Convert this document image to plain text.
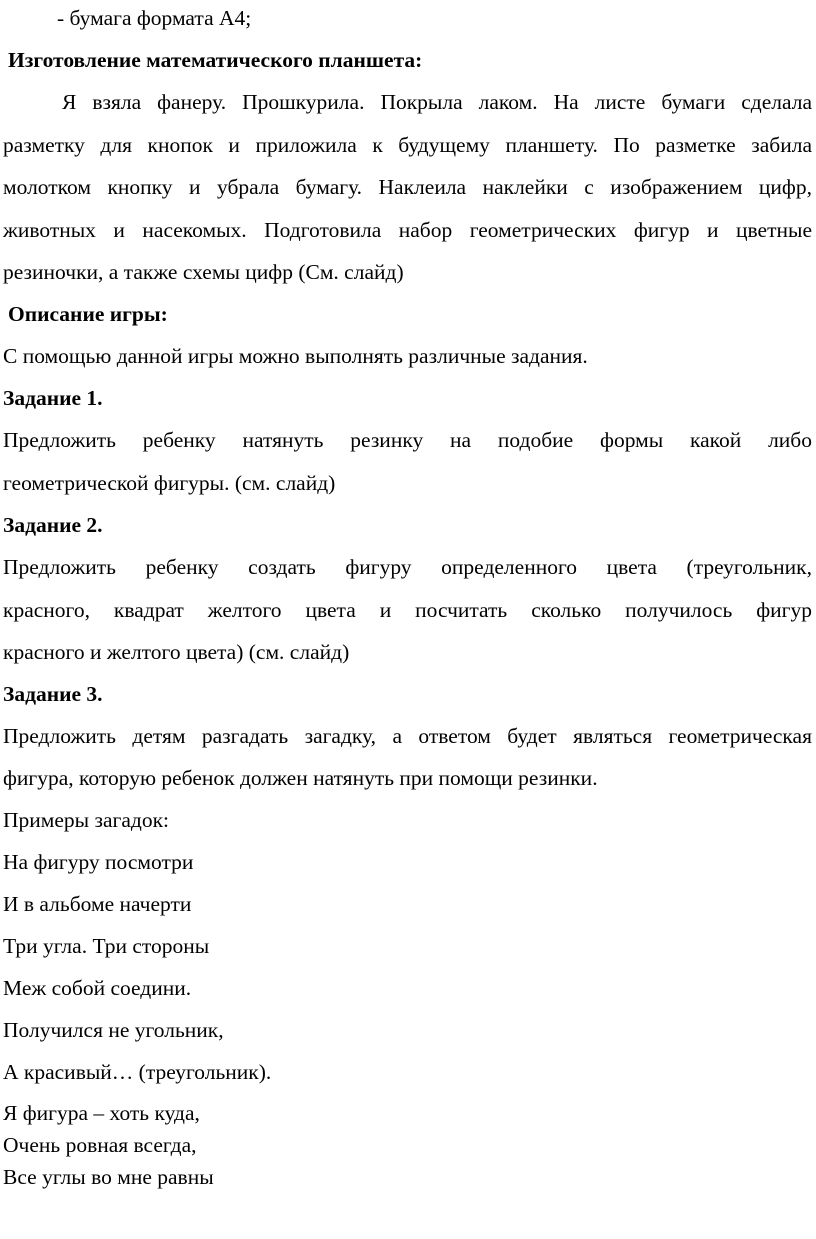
- бумага формата А4;
Изготовление математического планшета:
Я взяла фанеру. Прошкурила. Покрыла лаком. На листе бумаги сделала
разметку для кнопок и приложила к будущему планшету. По разметке забила
молотком кнопку и убрала бумагу. Наклеила наклейки с изображением цифр,
животных и насекомых. Подготовила набор геометрических фигур и цветные
резиночки, а также схемы цифр (См. слайд)
Описание игры:
С помощью данной игры можно выполнять различные задания.
Задание 1.
Предложить ребенку натянуть резинку на подобие формы какой либо
геометрической фигуры. (см. слайд)
Задание 2.
Предложить ребенку создать фигуру определенного цвета (треугольник,
красного, квадрат желтого цвета и посчитать сколько получилось фигур
красного и желтого цвета) (см. слайд)
Задание 3.
Предложить детям разгадать загадку, а ответом будет являться геометрическая
фигура, которую ребенок должен натянуть при помощи резинки.
Примеры загадок:
На фигуру посмотри
И в альбоме начерти
Три угла. Три стороны
Меж собой соедини.
Получился не угольник,
А красивый… (треугольник).
Я фигура – хоть куда,
Очень ровная всегда,
Все углы во мне равны
